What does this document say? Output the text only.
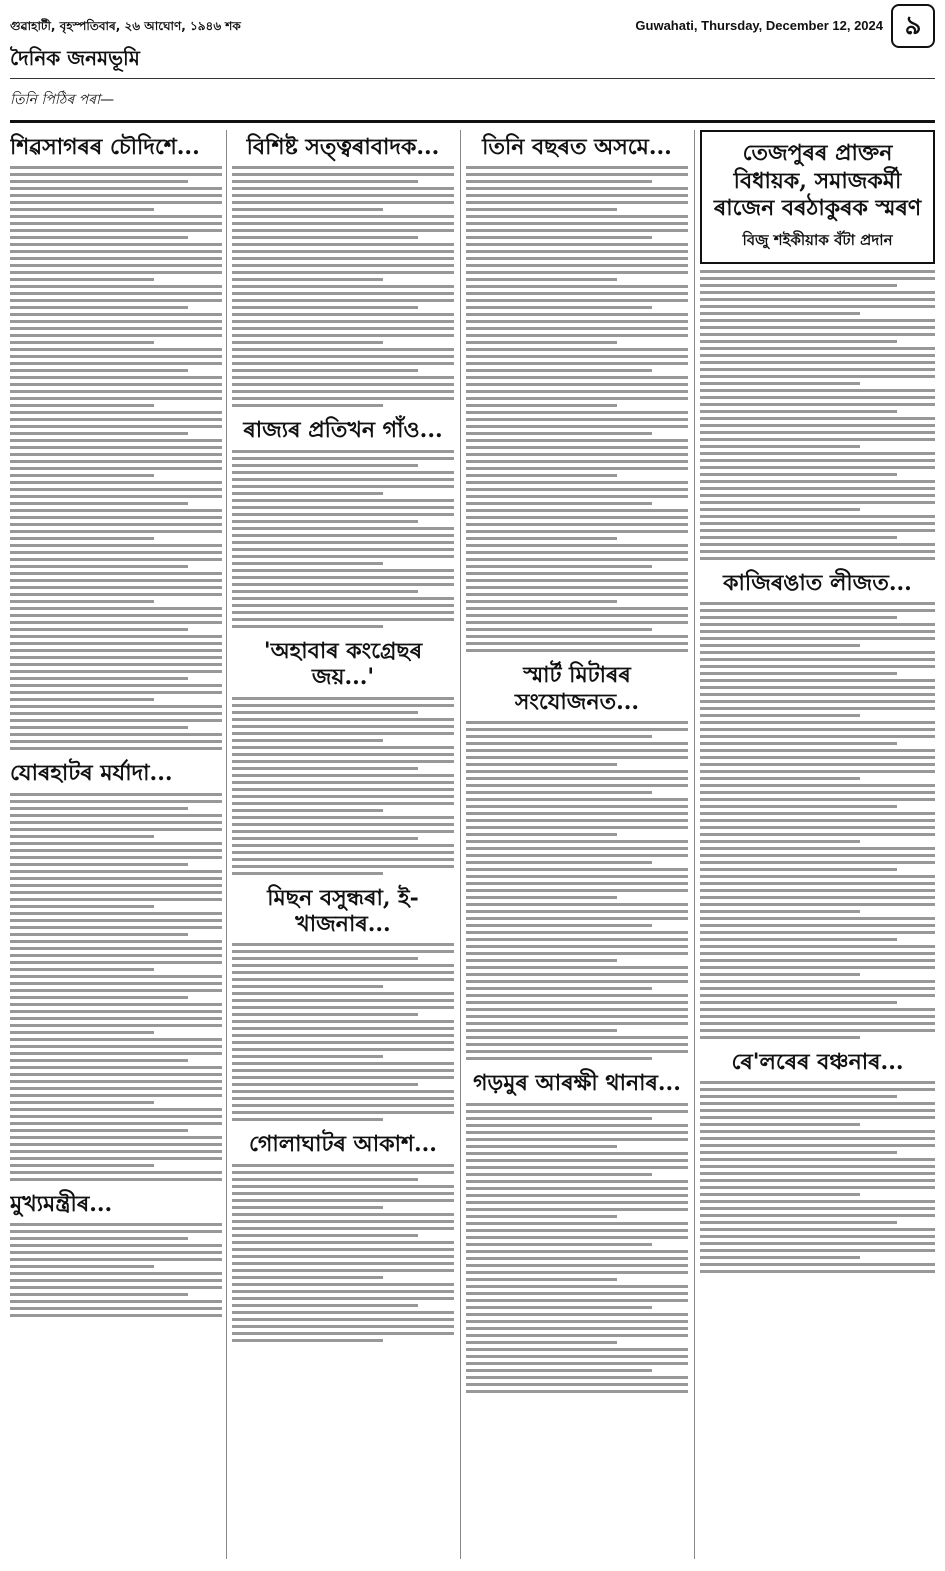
গুৱাহাটী, বৃহস্পতিবাৰ, ২৬ আঘোণ, ১৯৪৬ শক	Guwahati, Thursday, December 12, 2024 ৯
দৈনিক জনমভূমি
তিনি পিঠিৰ পৰা—
শিৱসাগৰৰ চৌদিশে...
যোৰহাটৰ মৰ্যাদা...
মুখ্যমন্ত্ৰীৰ...
বিশিষ্ট সত্ত্বৰাবাদক...
ৰাজ্যৰ প্ৰতিখন গাঁও...
'অহাবাৰ কংগ্ৰেছৰ জয়...'
মিছন বসুন্ধৰা, ই-খাজনাৰ...
গোলাঘাটৰ আকাশ...
তিনি বছৰত অসমে...
স্মাৰ্ট মিটাৰৰ সংযোজনত...
গড়মুৰ আৰক্ষী থানাৰ...
তেজপুৰৰ প্ৰাক্তন বিধায়ক, সমাজকৰ্মী ৰাজেন বৰঠাকুৰক স্মৰণ
বিজু শইকীয়াক বঁটা প্ৰদান
কাজিৰঙাত লীজত...
ৰে'লৰেৰ বঞ্চনাৰ...
